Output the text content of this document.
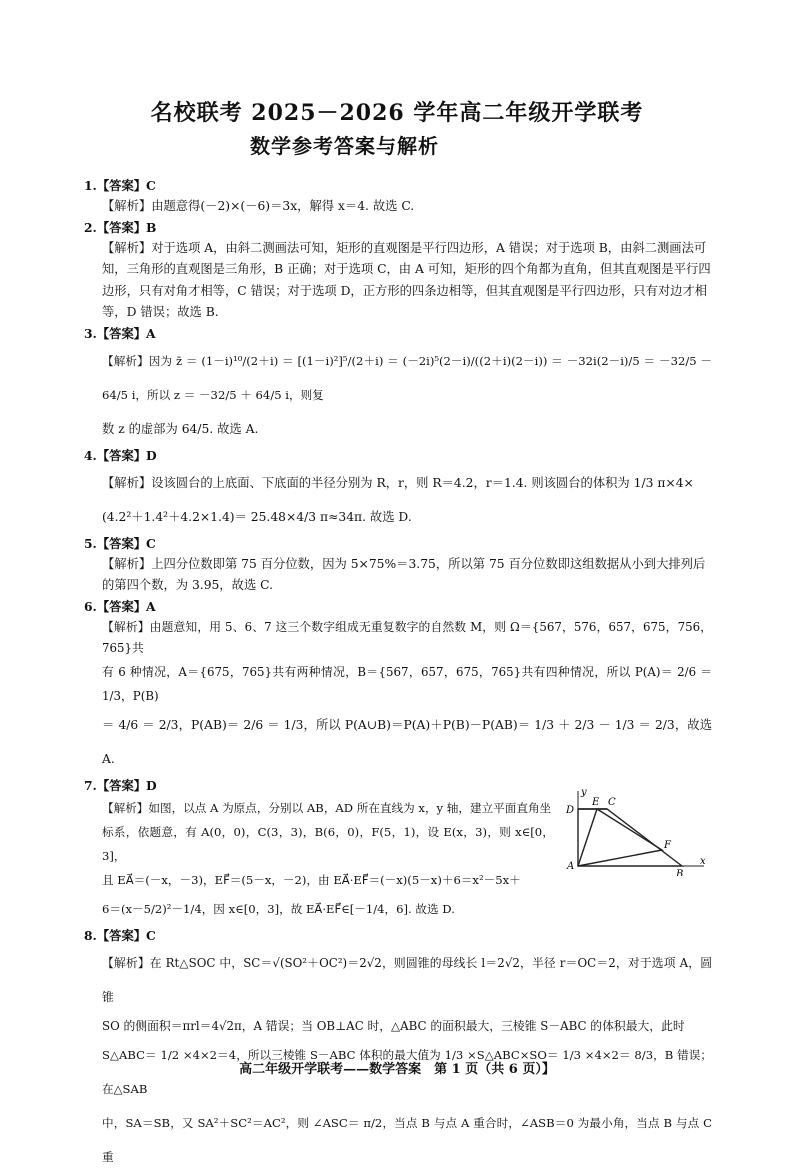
名校联考 2025－2026 学年高二年级开学联考
数学参考答案与解析
1.【答案】C
【解析】由题意得(－2)×(－6)＝3x，解得 x＝4. 故选 C.
2.【答案】B
【解析】对于选项 A，由斜二测画法可知，矩形的直观图是平行四边形，A 错误；对于选项 B，由斜二测画法可
知，三角形的直观图是三角形，B 正确；对于选项 C，由 A 可知，矩形的四个角都为直角，但其直观图是平行四
边形，只有对角才相等，C 错误；对于选项 D，正方形的四条边相等，但其直观图是平行四边形，只有对边才相
等，D 错误；故选 B.
3.【答案】A
【解析】因为 z̄ ＝ (1－i)¹⁰/(2＋i) ＝ [(1－i)²]⁵/(2＋i) ＝ (－2i)⁵(2－i)/((2＋i)(2－i)) ＝ －32i(2－i)/5 ＝ －32/5 － 64/5 i，所以 z ＝ －32/5 ＋ 64/5 i，则复
数 z 的虚部为 64/5. 故选 A.
4.【答案】D
【解析】设该圆台的上底面、下底面的半径分别为 R，r，则 R＝4.2，r＝1.4. 则该圆台的体积为 1/3 π×4×
(4.2²＋1.4²＋4.2×1.4)＝ 25.48×4/3 π≈34π. 故选 D.
5.【答案】C
【解析】上四分位数即第 75 百分位数，因为 5×75%＝3.75，所以第 75 百分位数即这组数据从小到大排列后
的第四个数，为 3.95，故选 C.
6.【答案】A
【解析】由题意知，用 5、6、7 这三个数字组成无重复数字的自然数 M，则 Ω＝{567，576，657，675，756，765}共
有 6 种情况，A＝{675，765}共有两种情况，B＝{567，657，675，765}共有四种情况，所以 P(A)＝ 2/6 ＝ 1/3，P(B)
＝ 4/6 ＝ 2/3，P(AB)＝ 2/6 ＝ 1/3，所以 P(A∪B)＝P(A)＋P(B)－P(AB)＝ 1/3 ＋ 2/3 － 1/3 ＝ 2/3，故选 A.
7.【答案】D
【解析】如图，以点 A 为原点，分别以 AB，AD 所在直线为 x，y 轴，建立平面直角坐
标系，依题意，有 A(0，0)，C(3，3)，B(6，0)，F(5，1)，设 E(x，3)，则 x∈[0，3]，
且 EA⃗＝(－x，－3)，EF⃗＝(5－x，－2)，由 EA⃗·EF⃗＝(－x)(5－x)＋6＝x²－5x＋
6＝(x－5/2)²－1/4，因 x∈[0，3]，故 EA⃗·EF⃗∈[－1/4，6]. 故选 D.
y
x
D
E C
F
A
B
8.【答案】C
【解析】在 Rt△SOC 中，SC＝√(SO²＋OC²)＝2√2，则圆锥的母线长 l＝2√2，半径 r＝OC＝2，对于选项 A，圆锥
SO 的侧面积＝πrl＝4√2π，A 错误；当 OB⊥AC 时，△ABC 的面积最大，三棱锥 S－ABC 的体积最大，此时
S△ABC＝ 1/2 ×4×2＝4，所以三棱锥 S－ABC 体积的最大值为 1/3 ×S△ABC×SO＝ 1/3 ×4×2＝ 8/3，B 错误；在△SAB
中，SA＝SB，又 SA²＋SC²＝AC²，则 ∠ASC＝ π/2，当点 B 与点 A 重合时，∠ASB＝0 为最小角，当点 B 与点 C 重
高二年级开学联考——数学答案　第 1 页（共 6 页）】
